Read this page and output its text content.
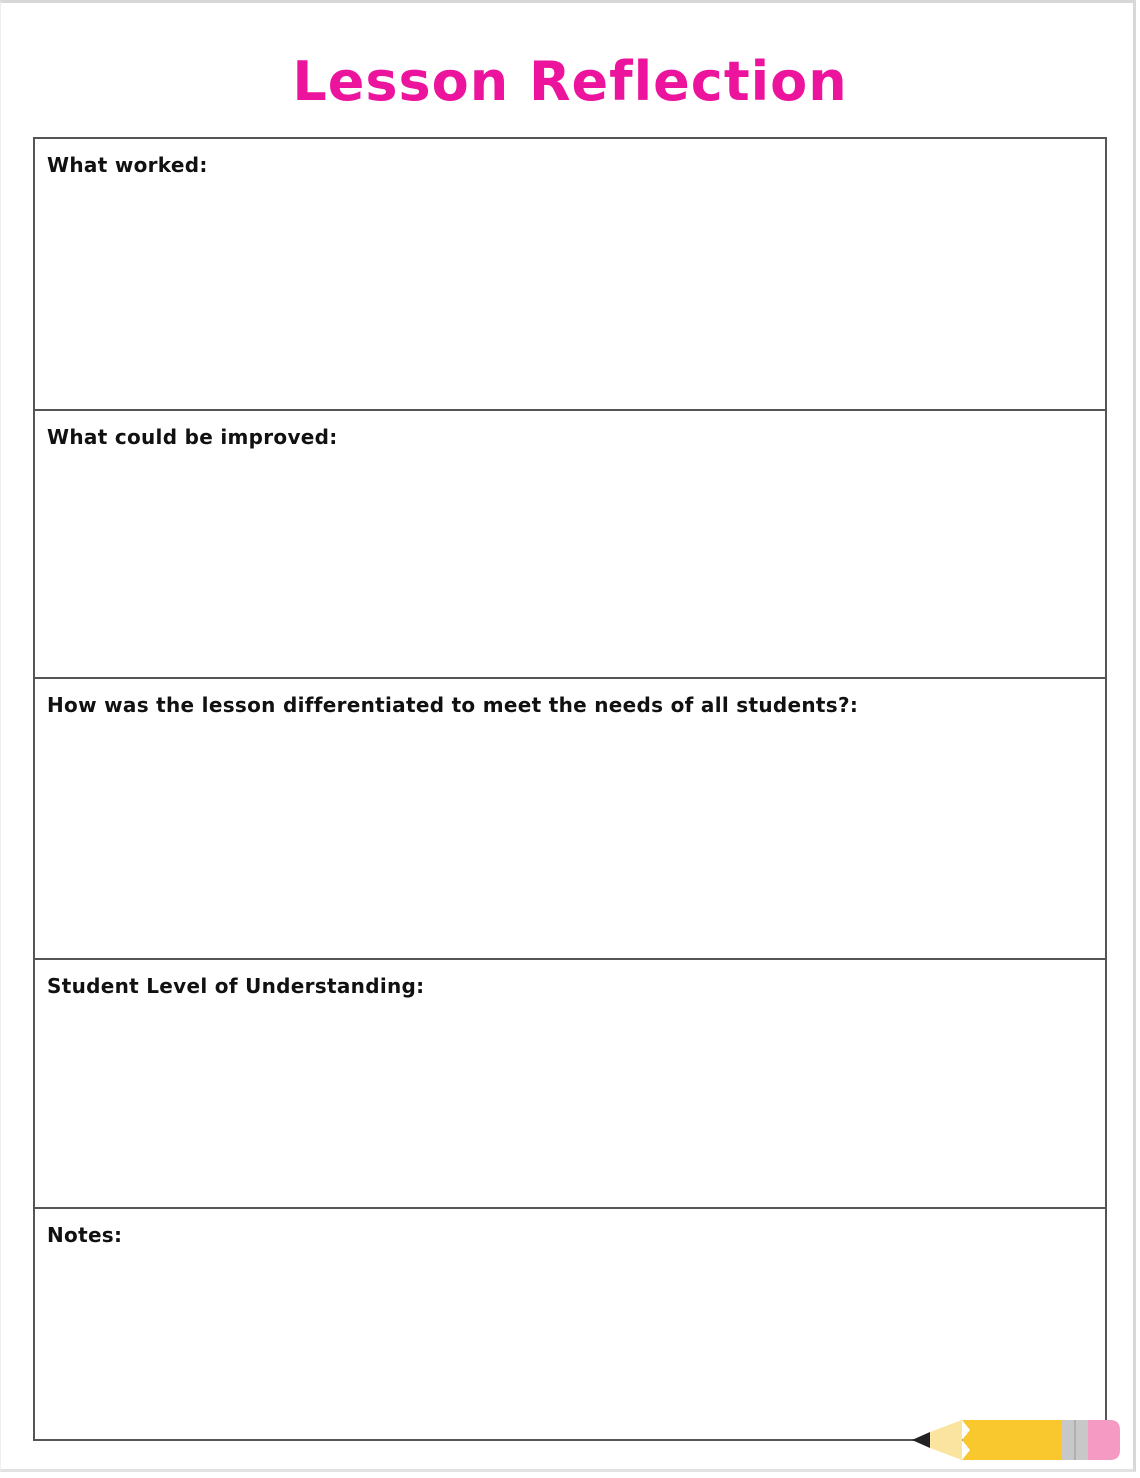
Lesson Reflection
What worked:
What could be improved:
How was the lesson differentiated to meet the needs of all students?:
Student Level of Understanding:
Notes:
